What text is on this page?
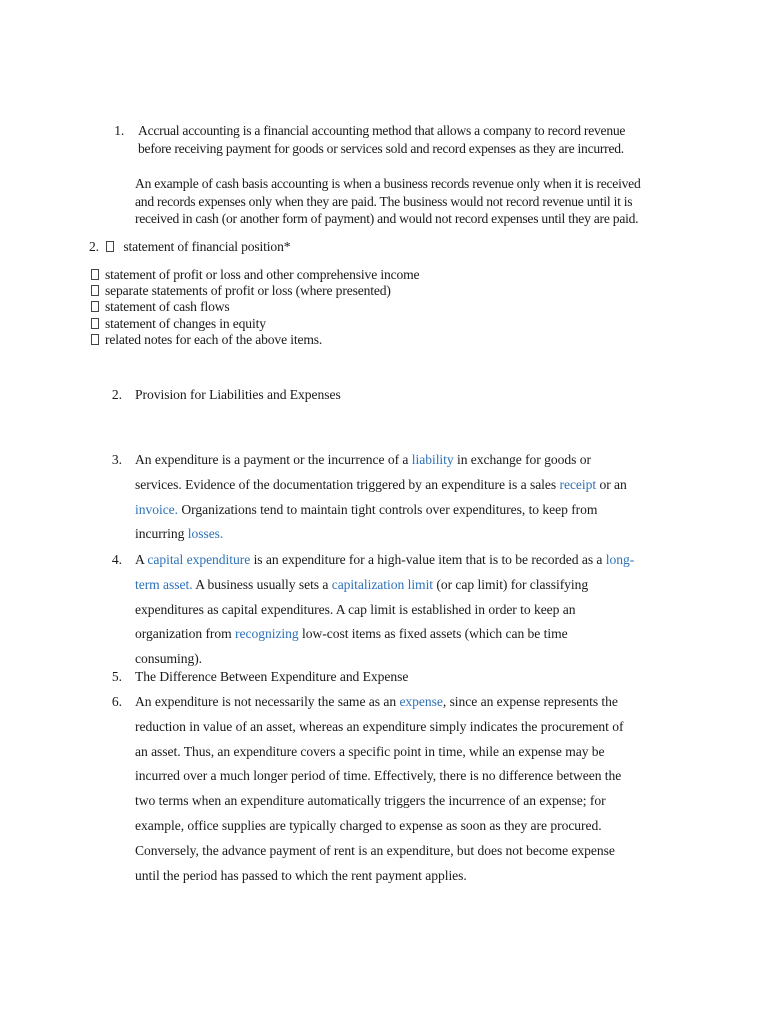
1. Accrual accounting is a financial accounting method that allows a company to record revenue
before receiving payment for goods or services sold and record expenses as they are incurred.
An example of cash basis accounting is when a business records revenue only when it is received
and records expenses only when they are paid. The business would not record revenue until it is
received in cash (or another form of payment) and would not record expenses until they are paid.
2. statement of financial position*
statement of profit or loss and other comprehensive income
separate statements of profit or loss (where presented)
statement of cash flows
statement of changes in equity
related notes for each of the above items.
2. Provision for Liabilities and Expenses
3. An expenditure is a payment or the incurrence of a liability in exchange for goods or
services. Evidence of the documentation triggered by an expenditure is a sales receipt or an
invoice. Organizations tend to maintain tight controls over expenditures, to keep from
incurring losses.
4. A capital expenditure is an expenditure for a high-value item that is to be recorded as a long-
term asset. A business usually sets a capitalization limit (or cap limit) for classifying
expenditures as capital expenditures. A cap limit is established in order to keep an
organization from recognizing low-cost items as fixed assets (which can be time
consuming).
5. The Difference Between Expenditure and Expense
6. An expenditure is not necessarily the same as an expense, since an expense represents the
reduction in value of an asset, whereas an expenditure simply indicates the procurement of
an asset. Thus, an expenditure covers a specific point in time, while an expense may be
incurred over a much longer period of time. Effectively, there is no difference between the
two terms when an expenditure automatically triggers the incurrence of an expense; for
example, office supplies are typically charged to expense as soon as they are procured.
Conversely, the advance payment of rent is an expenditure, but does not become expense
until the period has passed to which the rent payment applies.
